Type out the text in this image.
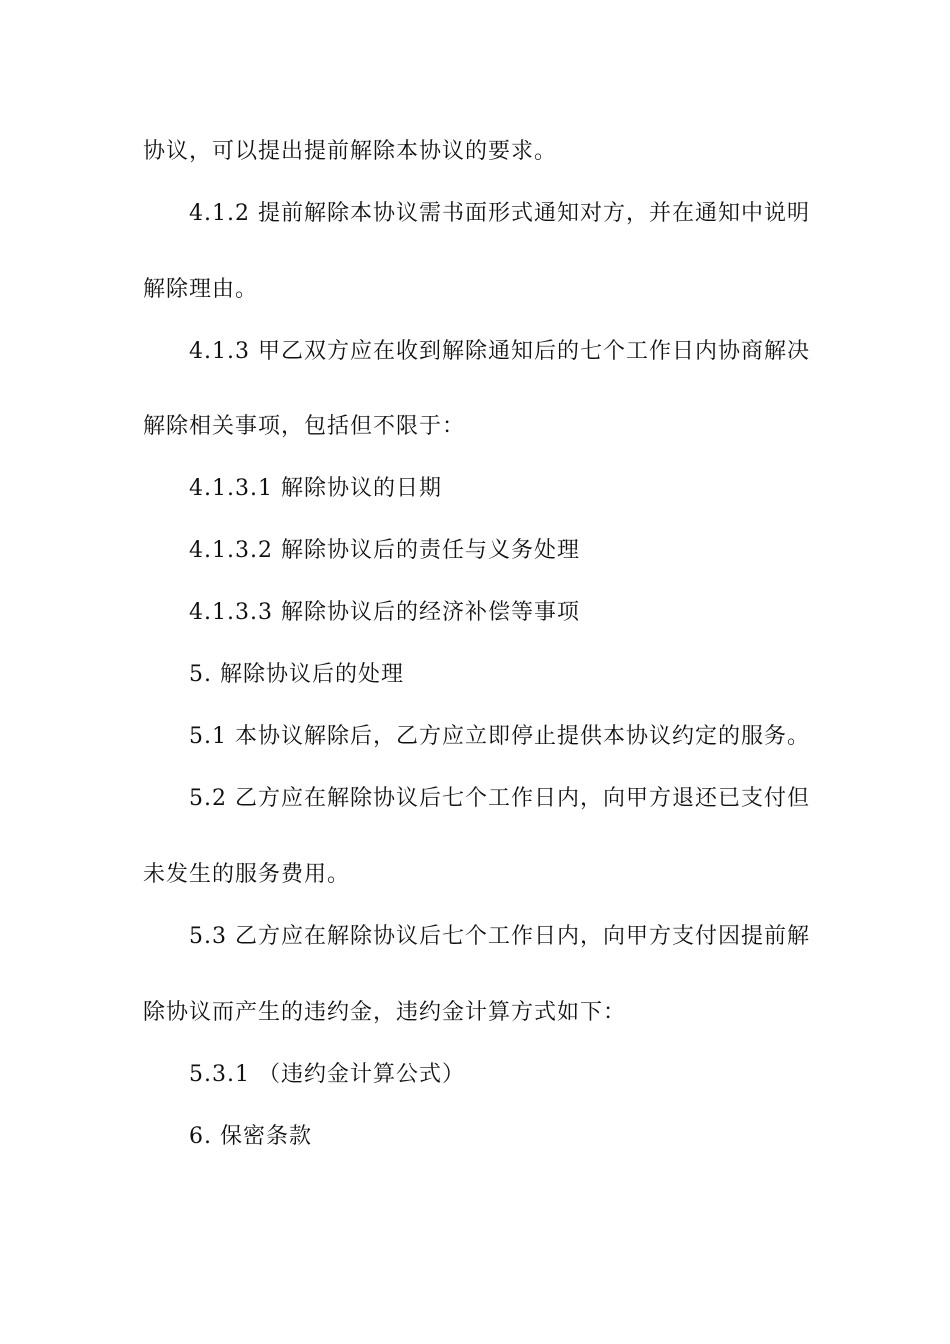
协议，可以提出提前解除本协议的要求。
4.1.2 提前解除本协议需书面形式通知对方，并在通知中说明
解除理由。
4.1.3 甲乙双方应在收到解除通知后的七个工作日内协商解决
解除相关事项，包括但不限于：
4.1.3.1 解除协议的日期
4.1.3.2 解除协议后的责任与义务处理
4.1.3.3 解除协议后的经济补偿等事项
5. 解除协议后的处理
5.1 本协议解除后，乙方应立即停止提供本协议约定的服务。
5.2 乙方应在解除协议后七个工作日内，向甲方退还已支付但
未发生的服务费用。
5.3 乙方应在解除协议后七个工作日内，向甲方支付因提前解
除协议而产生的违约金，违约金计算方式如下：
5.3.1 （违约金计算公式）
6. 保密条款
